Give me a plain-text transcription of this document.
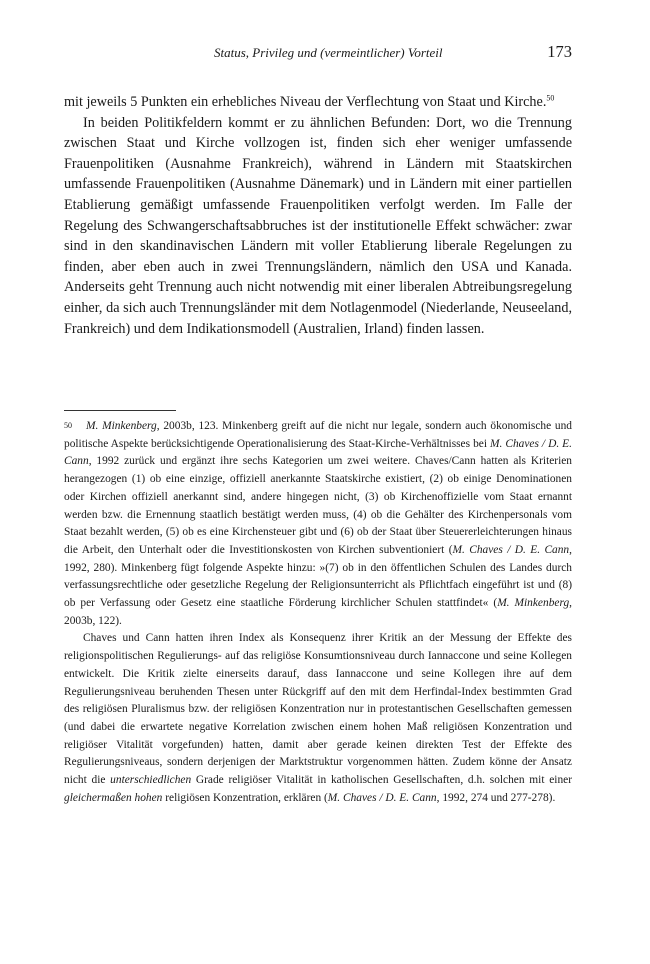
Status, Privileg und (vermeintlicher) Vorteil	173

mit jeweils 5 Punkten ein erhebliches Niveau der Verflechtung von Staat und Kirche.$^{50}$

In beiden Politikfeldern kommt er zu ähnlichen Befunden: Dort, wo die Trennung zwischen Staat und Kirche vollzogen ist, finden sich eher weniger umfassende Frauenpolitiken (Ausnahme Frankreich), während in Ländern mit Staatskirchen umfassende Frauenpolitiken (Ausnahme Dänemark) und in Ländern mit einer partiellen Etablierung gemäßigt umfassende Frauenpolitiken verfolgt werden. Im Falle der Regelung des Schwangerschaftsabbruches ist der institutionelle Effekt schwächer: zwar sind in den skandinavischen Ländern mit voller Etablierung liberale Regelungen zu finden, aber eben auch in zwei Trennungsländern, nämlich den USA und Kanada. Anderseits geht Trennung auch nicht notwendig mit einer liberalen Abtreibungsregelung einher, da sich auch Trennungsländer mit dem Notlagenmodel (Niederlande, Neuseeland, Frankreich) und dem Indikationsmodell (Australien, Irland) finden lassen.

50 M. Minkenberg, 2003b, 123. Minkenberg greift auf die nicht nur legale, sondern auch ökonomische und politische Aspekte berücksichtigende Operationalisierung des Staat-Kirche-Verhältnisses bei M. Chaves / D. E. Cann, 1992 zurück und ergänzt ihre sechs Kategorien um zwei weitere. Chaves/Cann hatten als Kriterien herangezogen (1) ob eine einzige, offiziell anerkannte Staatskirche existiert, (2) ob einige Denominationen oder Kirchen offiziell anerkannt sind, andere hingegen nicht, (3) ob Kirchenoffizielle vom Staat ernannt werden bzw. die Ernennung staatlich bestätigt werden muss, (4) ob die Gehälter des Kirchenpersonals vom Staat bezahlt werden, (5) ob es eine Kirchensteuer gibt und (6) ob der Staat über Steuererleichterungen hinaus die Arbeit, den Unterhalt oder die Investitionskosten von Kirchen subventioniert (M. Chaves / D. E. Cann, 1992, 280). Minkenberg fügt folgende Aspekte hinzu: »(7) ob in den öffentlichen Schulen des Landes durch verfassungsrechtliche oder gesetzliche Regelung der Religionsunterricht als Pflichtfach eingeführt ist und (8) ob per Verfassung oder Gesetz eine staatliche Förderung kirchlicher Schulen stattfindet« (M. Minkenberg, 2003b, 122).

Chaves und Cann hatten ihren Index als Konsequenz ihrer Kritik an der Messung der Effekte des religionspolitischen Regulierungs- auf das religiöse Konsumtionsniveau durch Iannaccone und seine Kollegen entwickelt. Die Kritik zielte einerseits darauf, dass Iannaccone und seine Kollegen ihre auf dem Regulierungsniveau beruhenden Thesen unter Rückgriff auf den mit dem Herfindal-Index bestimmten Grad des religiösen Pluralismus bzw. der religiösen Konzentration nur in protestantischen Gesellschaften gemessen (und dabei die erwartete negative Korrelation zwischen einem hohen Maß religiösen Konzentration und religiöser Vitalität vorgefunden) hatten, damit aber gerade keinen direkten Test der Effekte des Regulierungsniveaus, sondern derjenigen der Marktstruktur vorgenommen hätten. Zudem könne der Ansatz nicht die unterschiedlichen Grade religiöser Vitalität in katholischen Gesellschaften, d.h. solchen mit einer gleichermaßen hohen religiösen Konzentration, erklären (M. Chaves / D. E. Cann, 1992, 274 und 277-278).
